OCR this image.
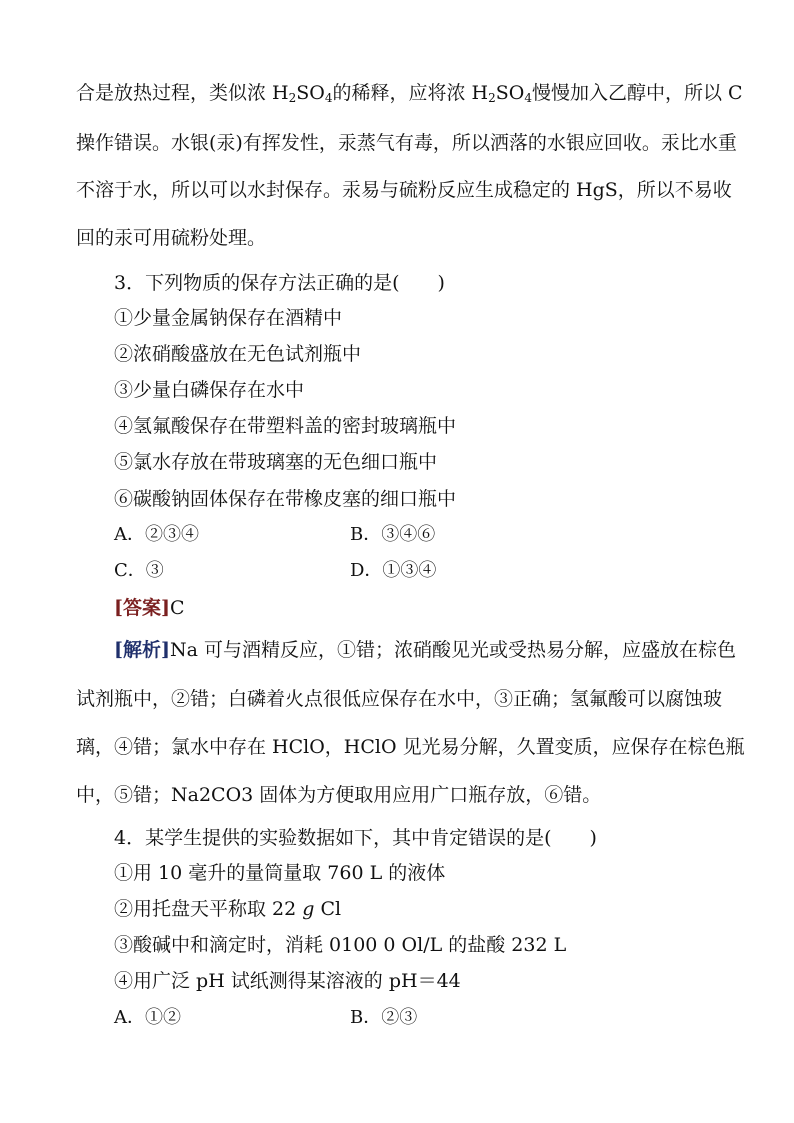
合是放热过程，类似浓 $H_2SO_4$的稀释，应将浓 $H_2SO_4$慢慢加入乙醇中，所以 C
操作错误。水银(汞)有挥发性，汞蒸气有毒，所以洒落的水银应回收。汞比水重
不溶于水，所以可以水封保存。汞易与硫粉反应生成稳定的 HgS，所以不易收
回的汞可用硫粉处理。
3．下列物质的保存方法正确的是(　　)
①少量金属钠保存在酒精中
②浓硝酸盛放在无色试剂瓶中
③少量白磷保存在水中
④氢氟酸保存在带塑料盖的密封玻璃瓶中
⑤氯水存放在带玻璃塞的无色细口瓶中
⑥碳酸钠固体保存在带橡皮塞的细口瓶中
A．②③④	B．③④⑥
C．③	D．①③④
[答案]C
[解析]Na 可与酒精反应，①错；浓硝酸见光或受热易分解，应盛放在棕色
试剂瓶中，②错；白磷着火点很低应保存在水中，③正确；氢氟酸可以腐蚀玻
璃，④错；氯水中存在 HClO，HClO 见光易分解，久置变质，应保存在棕色瓶
中，⑤错；Na2CO3 固体为方便取用应用广口瓶存放，⑥错。
4．某学生提供的实验数据如下，其中肯定错误的是(　　)
①用 10 毫升的量筒量取 760 L 的液体
②用托盘天平称取 22 g Cl
③酸碱中和滴定时，消耗 0100 0 Ol/L 的盐酸 232 L
④用广泛 pH 试纸测得某溶液的 pH＝44
A．①②	B．②③
